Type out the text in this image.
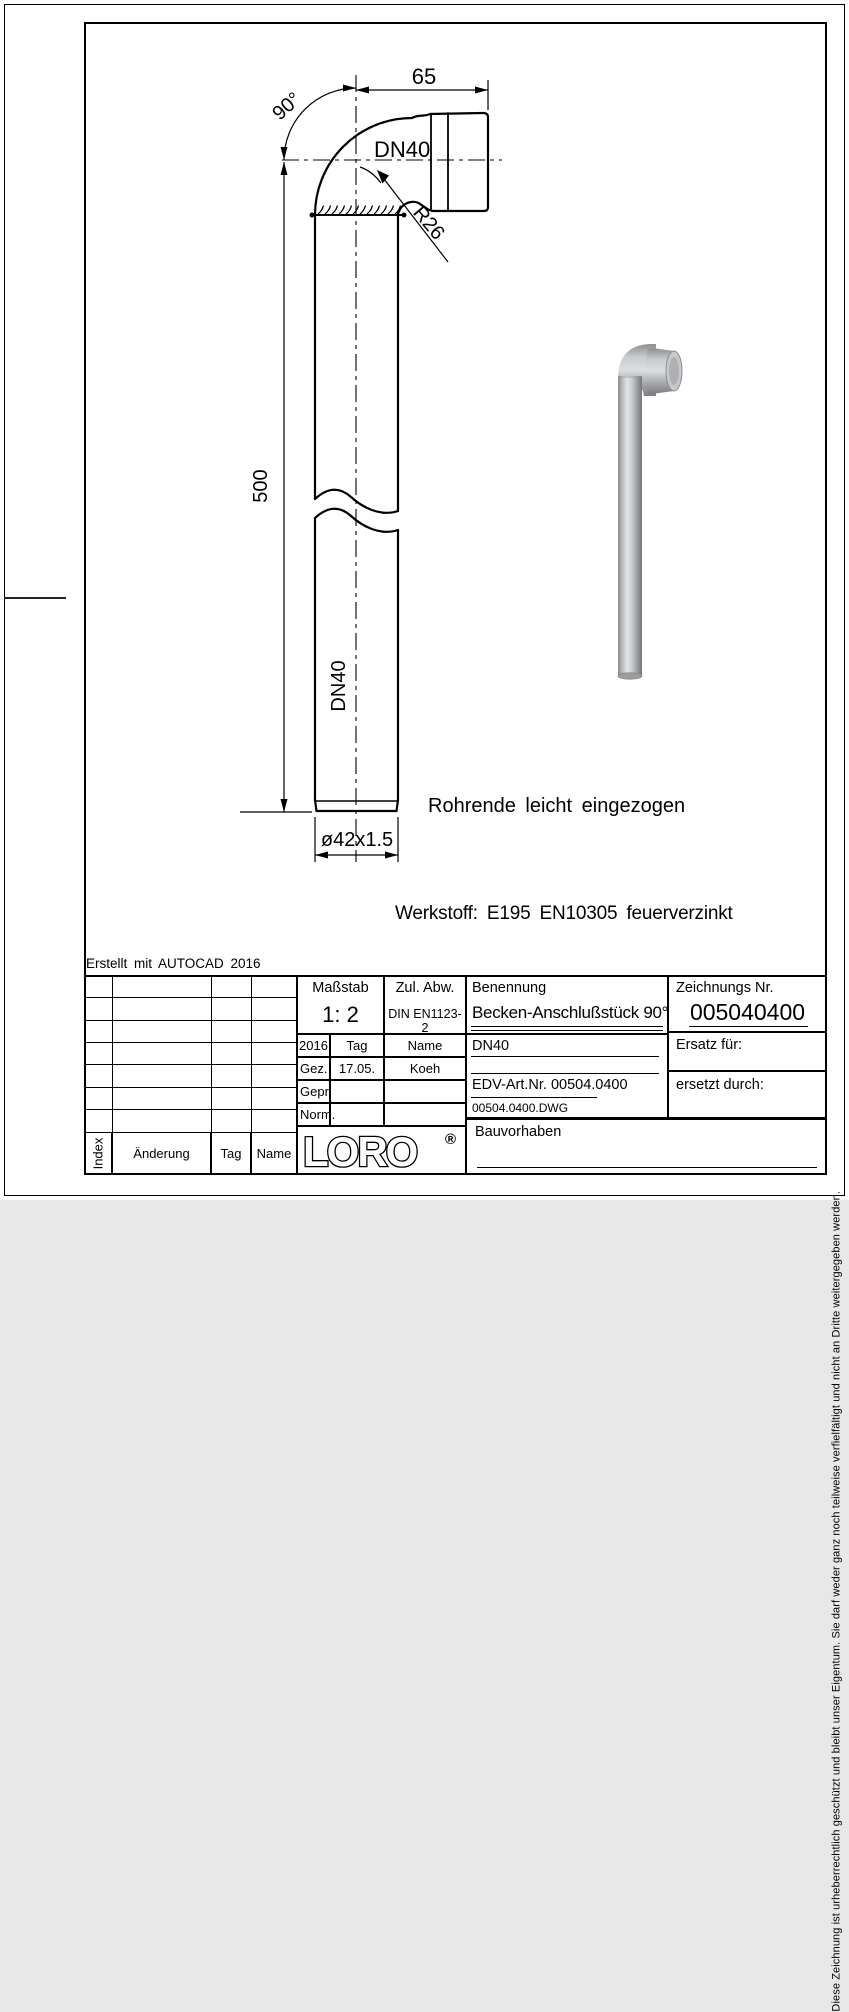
Diese Zeichnung ist urheberrechtlich geschützt und bleibt unser Eigentum. Sie darf weder ganz noch teilweise verfielfältigt und nicht an Dritte weitergegeben werden.
Erstellt mit AUTOCAD 2016
65
90°
DN40
R26
500
DN40
ø42x1.5
Rohrende leicht eingezogen
Werkstoff: E195 EN10305 feuerverzinkt
Index	Änderung	Tag	Name
Maßstab
1: 2
Zul. Abw.
DIN EN1123-2
2016	Tag	Name
Gez. 17.05.	Koeh
Gepr.
Norm.
LORO ®
Benennung
Becken-Anschlußstück 90°
Zeichnungs Nr.
005040400
DN40
EDV-Art.Nr. 00504.0400
00504.0400.DWG
Ersatz für:
ersetzt durch:
Bauvorhaben
